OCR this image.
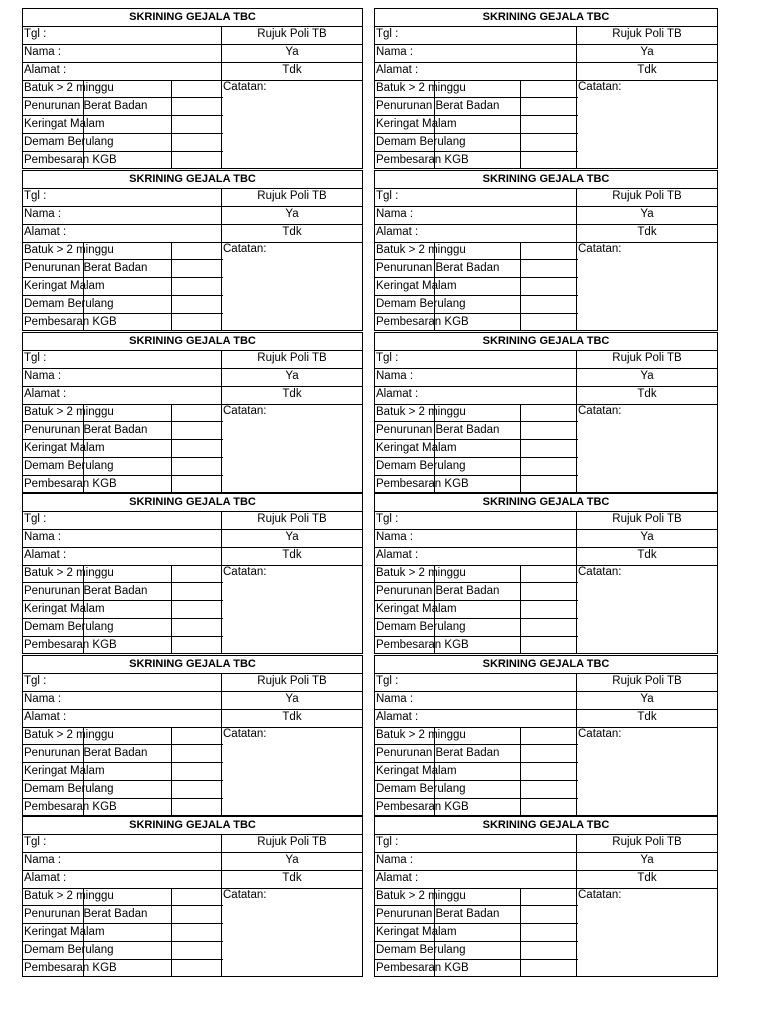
SKRINING GEJALA TBC
Tgl :	Rujuk Poli TB
Nama :	Ya
Alamat :	Tdk
Batuk > 2 minggu
Penurunan Berat Badan
Keringat Malam
Demam Berulang
Pembesaran KGB
Catatan:
SKRINING GEJALA TBC
Tgl :	Rujuk Poli TB
Nama :	Ya
Alamat :	Tdk
Batuk > 2 minggu
Penurunan Berat Badan
Keringat Malam
Demam Berulang
Pembesaran KGB
Catatan:
SKRINING GEJALA TBC
Tgl :	Rujuk Poli TB
Nama :	Ya
Alamat :	Tdk
Batuk > 2 minggu
Penurunan Berat Badan
Keringat Malam
Demam Berulang
Pembesaran KGB
Catatan:
SKRINING GEJALA TBC
Tgl :	Rujuk Poli TB
Nama :	Ya
Alamat :	Tdk
Batuk > 2 minggu
Penurunan Berat Badan
Keringat Malam
Demam Berulang
Pembesaran KGB
Catatan:
SKRINING GEJALA TBC
Tgl :	Rujuk Poli TB
Nama :	Ya
Alamat :	Tdk
Batuk > 2 minggu
Penurunan Berat Badan
Keringat Malam
Demam Berulang
Pembesaran KGB
Catatan:
SKRINING GEJALA TBC
Tgl :	Rujuk Poli TB
Nama :	Ya
Alamat :	Tdk
Batuk > 2 minggu
Penurunan Berat Badan
Keringat Malam
Demam Berulang
Pembesaran KGB
Catatan:
SKRINING GEJALA TBC
Tgl :	Rujuk Poli TB
Nama :	Ya
Alamat :	Tdk
Batuk > 2 minggu
Penurunan Berat Badan
Keringat Malam
Demam Berulang
Pembesaran KGB
Catatan:
SKRINING GEJALA TBC
Tgl :	Rujuk Poli TB
Nama :	Ya
Alamat :	Tdk
Batuk > 2 minggu
Penurunan Berat Badan
Keringat Malam
Demam Berulang
Pembesaran KGB
Catatan:
SKRINING GEJALA TBC
Tgl :	Rujuk Poli TB
Nama :	Ya
Alamat :	Tdk
Batuk > 2 minggu
Penurunan Berat Badan
Keringat Malam
Demam Berulang
Pembesaran KGB
Catatan:
SKRINING GEJALA TBC
Tgl :	Rujuk Poli TB
Nama :	Ya
Alamat :	Tdk
Batuk > 2 minggu
Penurunan Berat Badan
Keringat Malam
Demam Berulang
Pembesaran KGB
Catatan:
SKRINING GEJALA TBC
Tgl :	Rujuk Poli TB
Nama :	Ya
Alamat :	Tdk
Batuk > 2 minggu
Penurunan Berat Badan
Keringat Malam
Demam Berulang
Pembesaran KGB
Catatan:
SKRINING GEJALA TBC
Tgl :	Rujuk Poli TB
Nama :	Ya
Alamat :	Tdk
Batuk > 2 minggu
Penurunan Berat Badan
Keringat Malam
Demam Berulang
Pembesaran KGB
Catatan:
